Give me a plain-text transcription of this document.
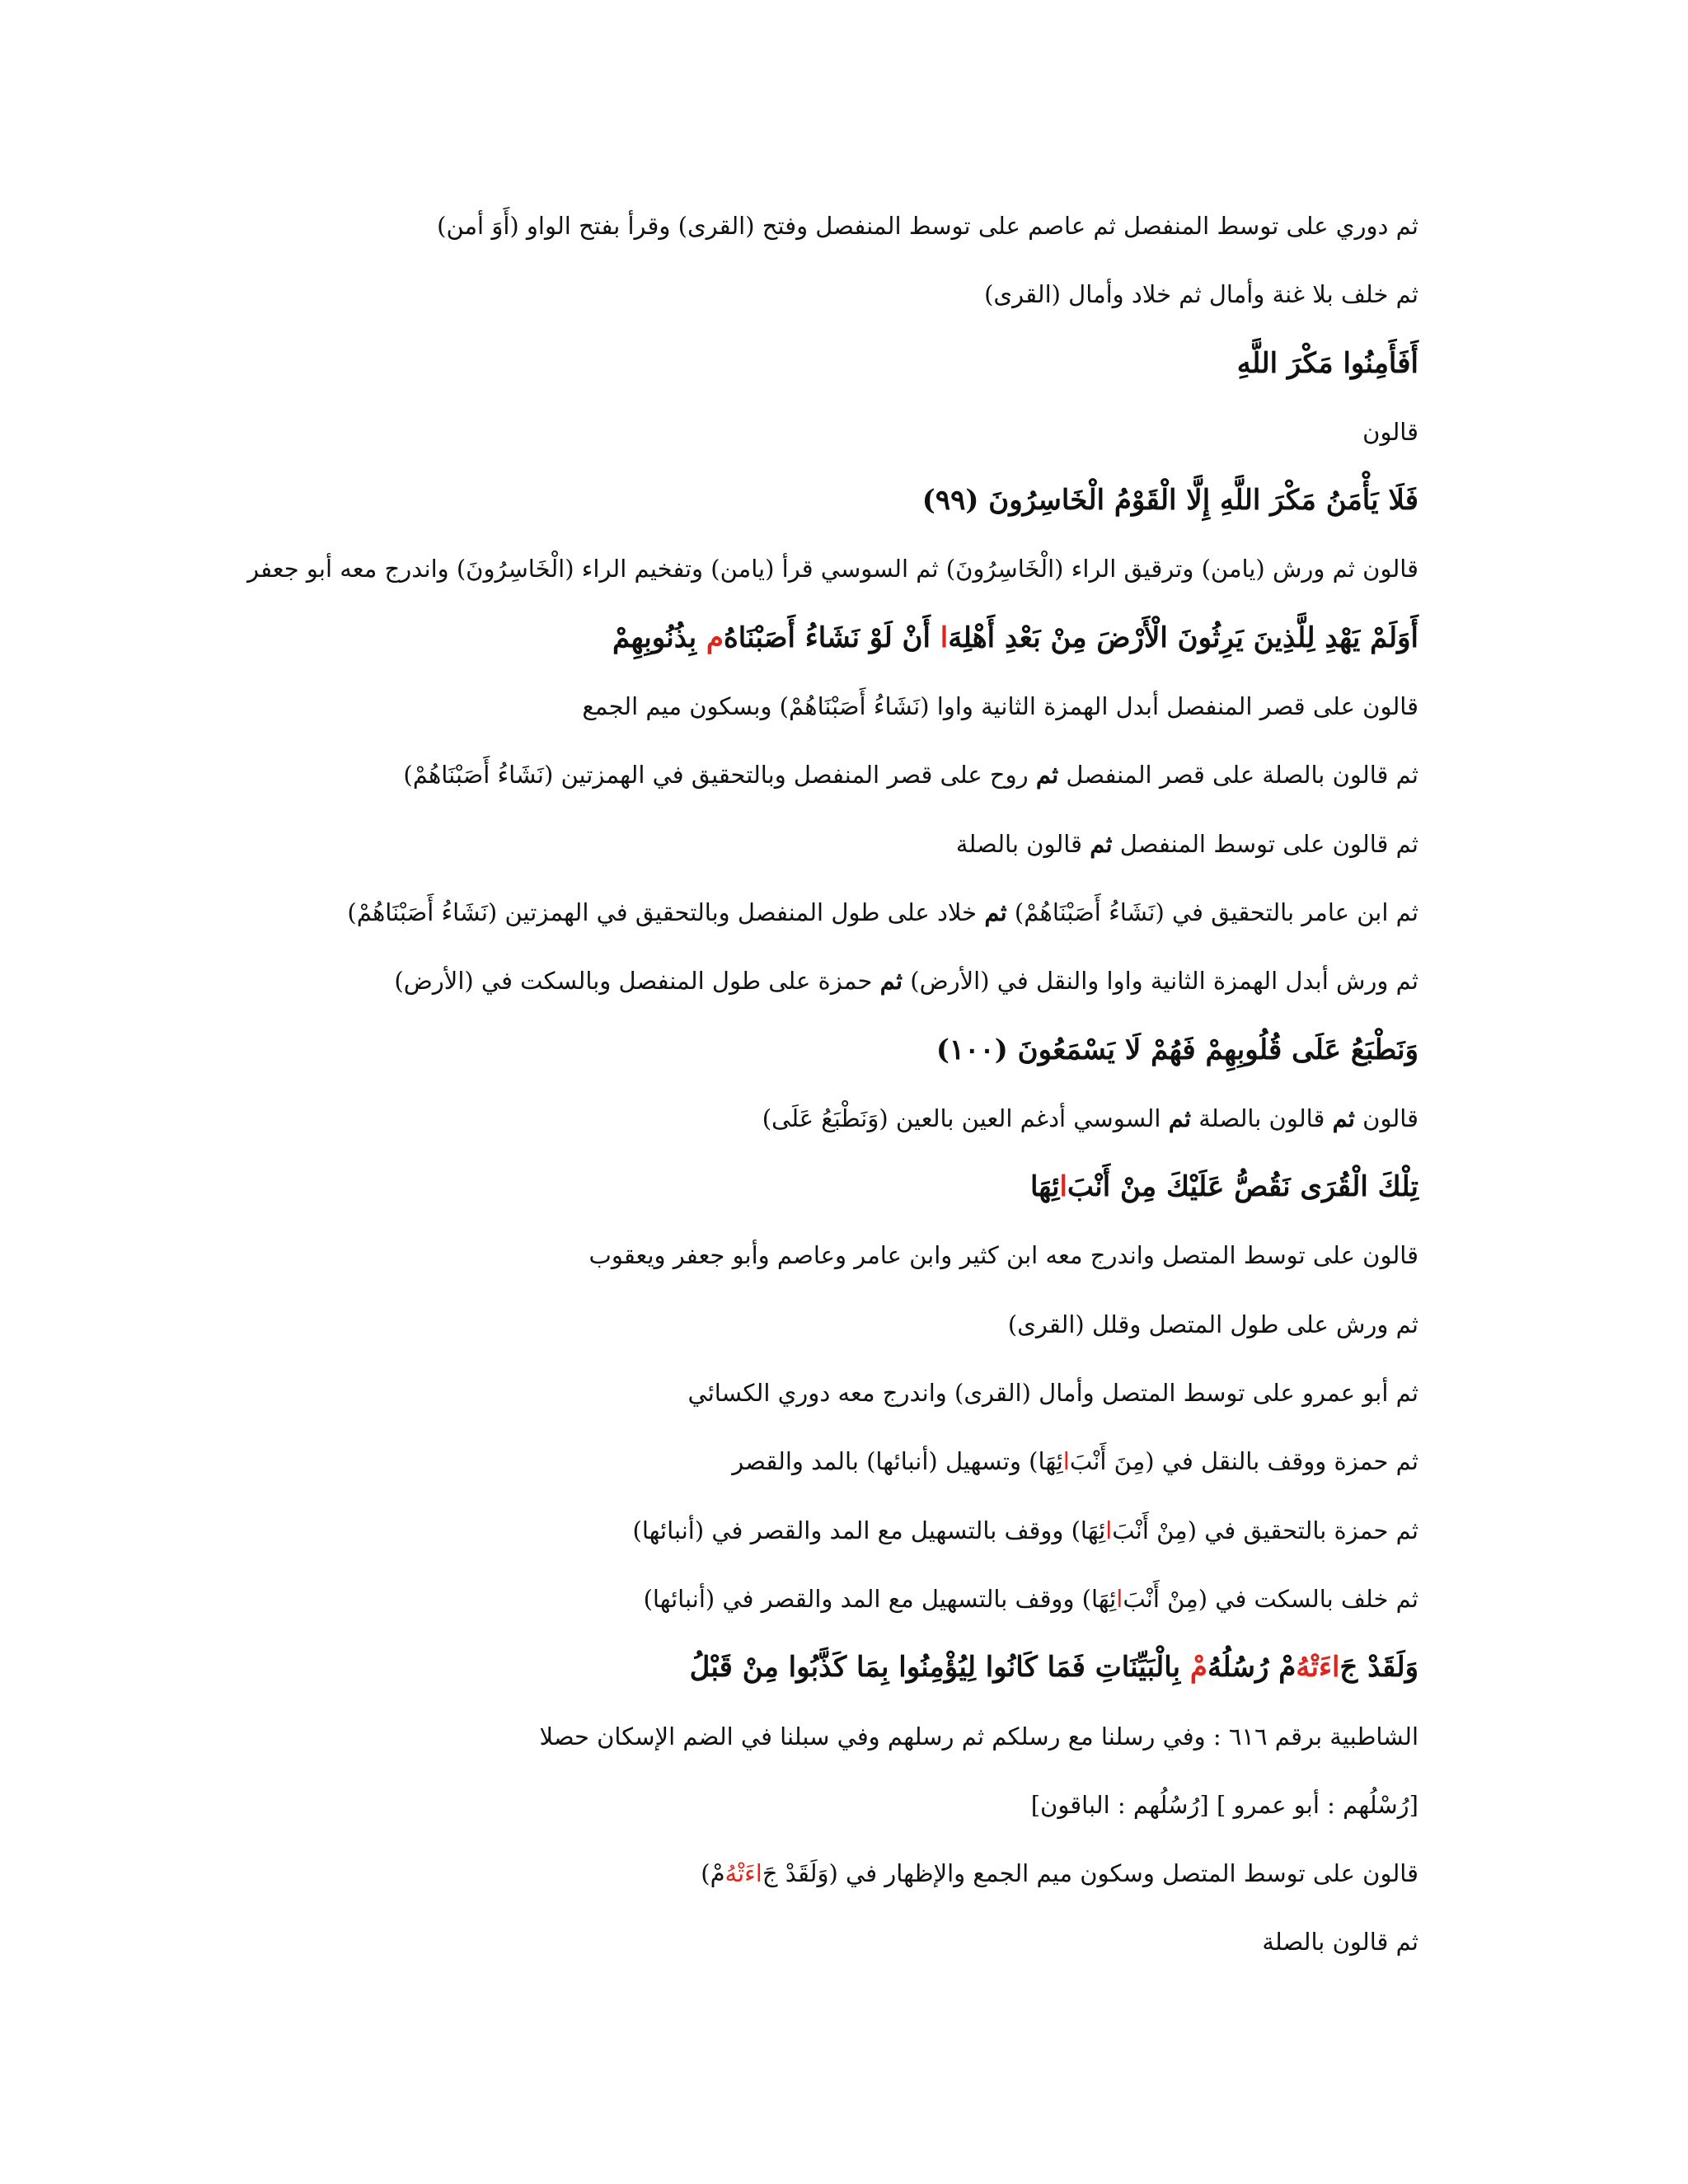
ثم دوري على توسط المنفصل ثم عاصم على توسط المنفصل وفتح (القرى) وقرأ بفتح الواو (أَوَ أمن)
ثم خلف بلا غنة وأمال ثم خلاد وأمال (القرى)
أَفَأَمِنُوا مَكْرَ اللَّهِ
قالون
فَلَا يَأْمَنُ مَكْرَ اللَّهِ إِلَّا الْقَوْمُ الْخَاسِرُونَ (٩٩)
قالون ثم ورش (يامن) وترقيق الراء (الْخَاسِرُونَ) ثم السوسي قرأ (يامن) وتفخيم الراء (الْخَاسِرُونَ) واندرج معه أبو جعفر
أَوَلَمْ يَهْدِ لِلَّذِينَ يَرِثُونَ الْأَرْضَ مِنْ بَعْدِ أَهْلِهَا أَنْ لَوْ نَشَاءُ أَصَبْنَاهُم بِذُنُوبِهِمْ
قالون على قصر المنفصل أبدل الهمزة الثانية واوا (نَشَاءُ أَصَبْنَاهُمْ) وبسكون ميم الجمع
ثم قالون بالصلة على قصر المنفصل ثم روح على قصر المنفصل وبالتحقيق في الهمزتين (نَشَاءُ أَصَبْنَاهُمْ)
ثم قالون على توسط المنفصل ثم قالون بالصلة
ثم ابن عامر بالتحقيق في (نَشَاءُ أَصَبْنَاهُمْ) ثم خلاد على طول المنفصل وبالتحقيق في الهمزتين (نَشَاءُ أَصَبْنَاهُمْ)
ثم ورش أبدل الهمزة الثانية واوا والنقل في (الأرض) ثم حمزة على طول المنفصل وبالسكت في (الأرض)
وَنَطْبَعُ عَلَى قُلُوبِهِمْ فَهُمْ لَا يَسْمَعُونَ (١٠٠)
قالون ثم قالون بالصلة ثم السوسي أدغم العين بالعين (وَنَطْبَعُ عَلَى)
تِلْكَ الْقُرَى نَقُصُّ عَلَيْكَ مِنْ أَنْبَائِهَا
قالون على توسط المتصل واندرج معه ابن كثير وابن عامر وعاصم وأبو جعفر ويعقوب
ثم ورش على طول المتصل وقلل (القرى)
ثم أبو عمرو على توسط المتصل وأمال (القرى) واندرج معه دوري الكسائي
ثم حمزة ووقف بالنقل في (مِنَ أَنْبَائِهَا) وتسهيل (أنبائها) بالمد والقصر
ثم حمزة بالتحقيق في (مِنْ أَنْبَائِهَا) ووقف بالتسهيل مع المد والقصر في (أنبائها)
ثم خلف بالسكت في (مِنْ أَنْبَائِهَا) ووقف بالتسهيل مع المد والقصر في (أنبائها)
وَلَقَدْ جَاءَتْهُمْ رُسُلُهُمْ بِالْبَيِّنَاتِ فَمَا كَانُوا لِيُؤْمِنُوا بِمَا كَذَّبُوا مِنْ قَبْلُ
الشاطبية برقم ٦١٦ : وفي رسلنا مع رسلكم ثم رسلهم وفي سبلنا في الضم الإسكان حصلا
[رُسْلُهم : أبو عمرو ] [رُسُلُهم : الباقون]
قالون على توسط المتصل وسكون ميم الجمع والإظهار في (وَلَقَدْ جَاءَتْهُمْ)
ثم قالون بالصلة
